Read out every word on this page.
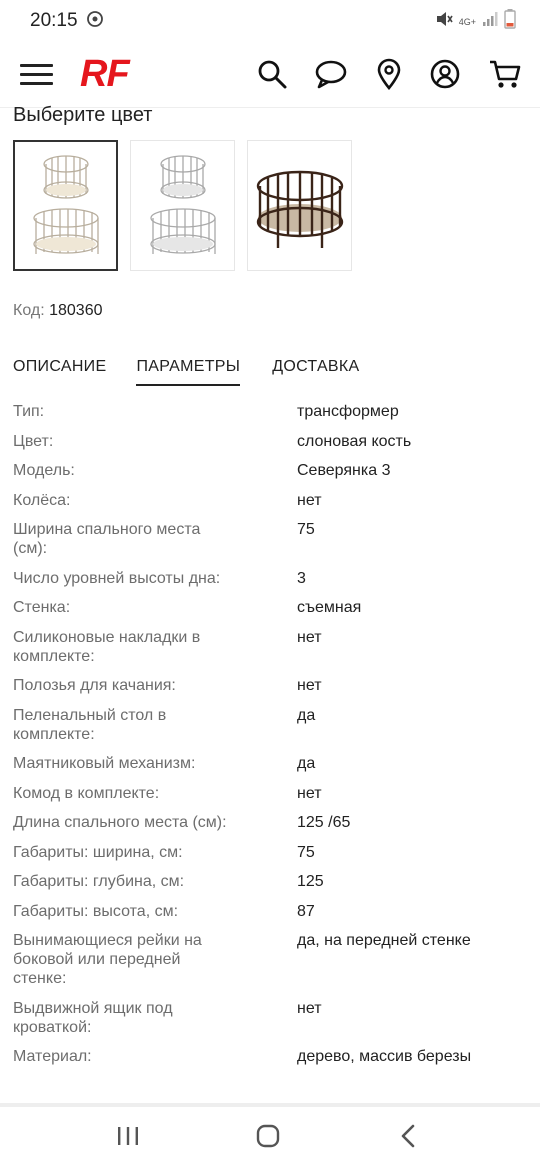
20:15	4G+
RF
Выберите цвет
Код: 180360
ОПИСАНИЕ ПАРАМЕТРЫ ДОСТАВКА
Тип:	трансформер
Цвет:	слоновая кость
Модель:	Северянка 3
Колёса:	нет
Ширина спального места (см):
75
Число уровней высоты дна:	3
Стенка:	съемная
Силиконовые накладки в комплекте:
нет
Полозья для качания:	нет
Пеленальный стол в комплекте:
да
Маятниковый механизм:	да
Комод в комплекте:	нет
Длина спального места (см):	125 /65
Габариты: ширина, см:	75
Габариты: глубина, см:	125
Габариты: высота, см:	87
Вынимающиеся рейки на боковой или передней стенке:
да, на передней стенке
Выдвижной ящик под кроваткой:
нет
Материал:	дерево, массив березы
